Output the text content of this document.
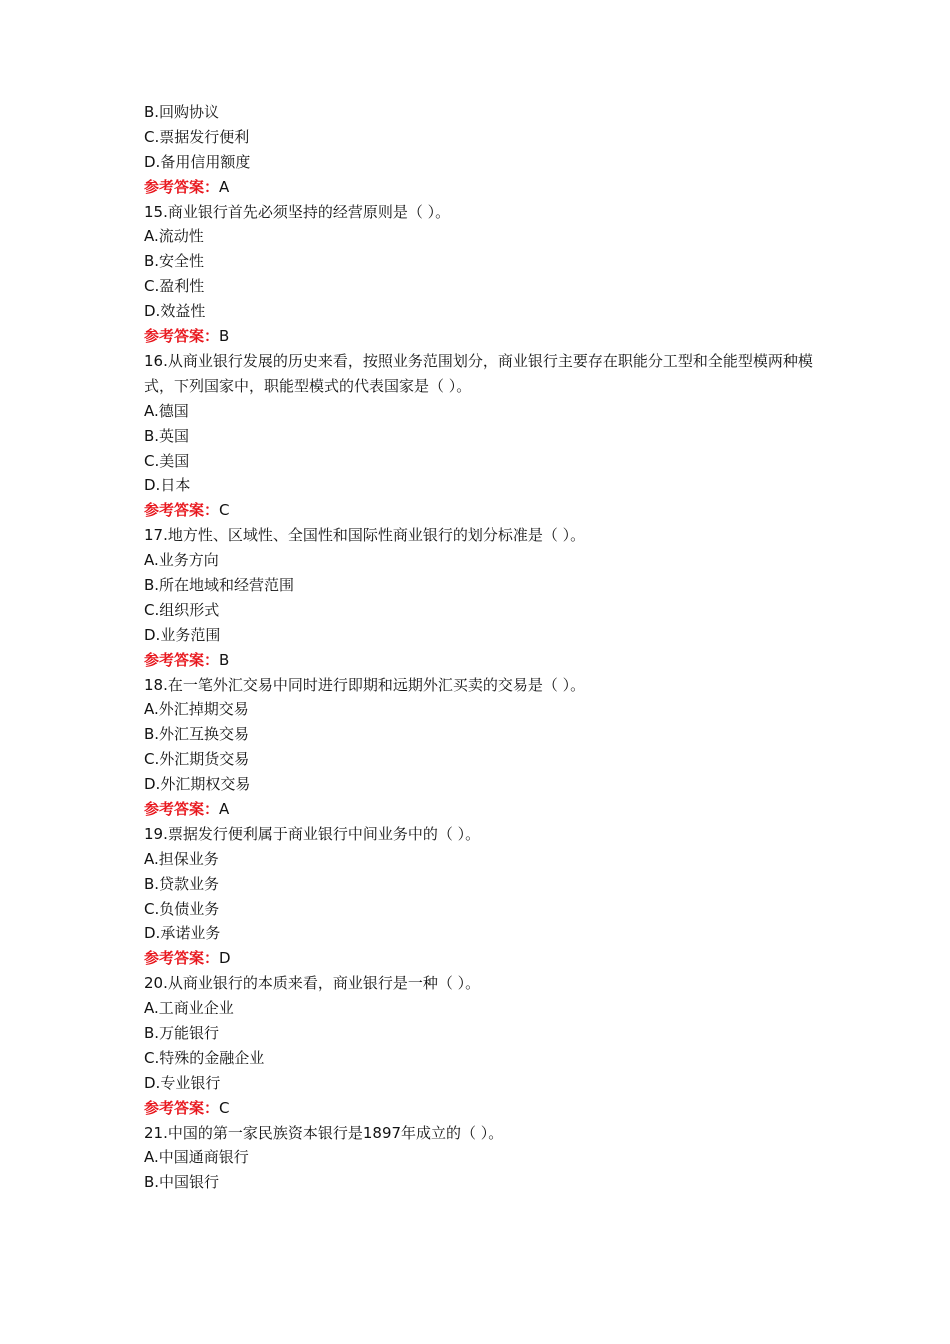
B.回购协议
C.票据发行便利
D.备用信用额度
参考答案：A
15.商业银行首先必须坚持的经营原则是（ ）。
A.流动性
B.安全性
C.盈利性
D.效益性
参考答案：B
16.从商业银行发展的历史来看，按照业务范围划分，商业银行主要存在职能分工型和全能型模两种模式，下列国家中，职能型模式的代表国家是（ ）。
A.德国
B.英国
C.美国
D.日本
参考答案：C
17.地方性、区域性、全国性和国际性商业银行的划分标准是（ ）。
A.业务方向
B.所在地域和经营范围
C.组织形式
D.业务范围
参考答案：B
18.在一笔外汇交易中同时进行即期和远期外汇买卖的交易是（ ）。
A.外汇掉期交易
B.外汇互换交易
C.外汇期货交易
D.外汇期权交易
参考答案：A
19.票据发行便利属于商业银行中间业务中的（ ）。
A.担保业务
B.贷款业务
C.负债业务
D.承诺业务
参考答案：D
20.从商业银行的本质来看，商业银行是一种（ ）。
A.工商业企业
B.万能银行
C.特殊的金融企业
D.专业银行
参考答案：C
21.中国的第一家民族资本银行是1897年成立的（ ）。
A.中国通商银行
B.中国银行
